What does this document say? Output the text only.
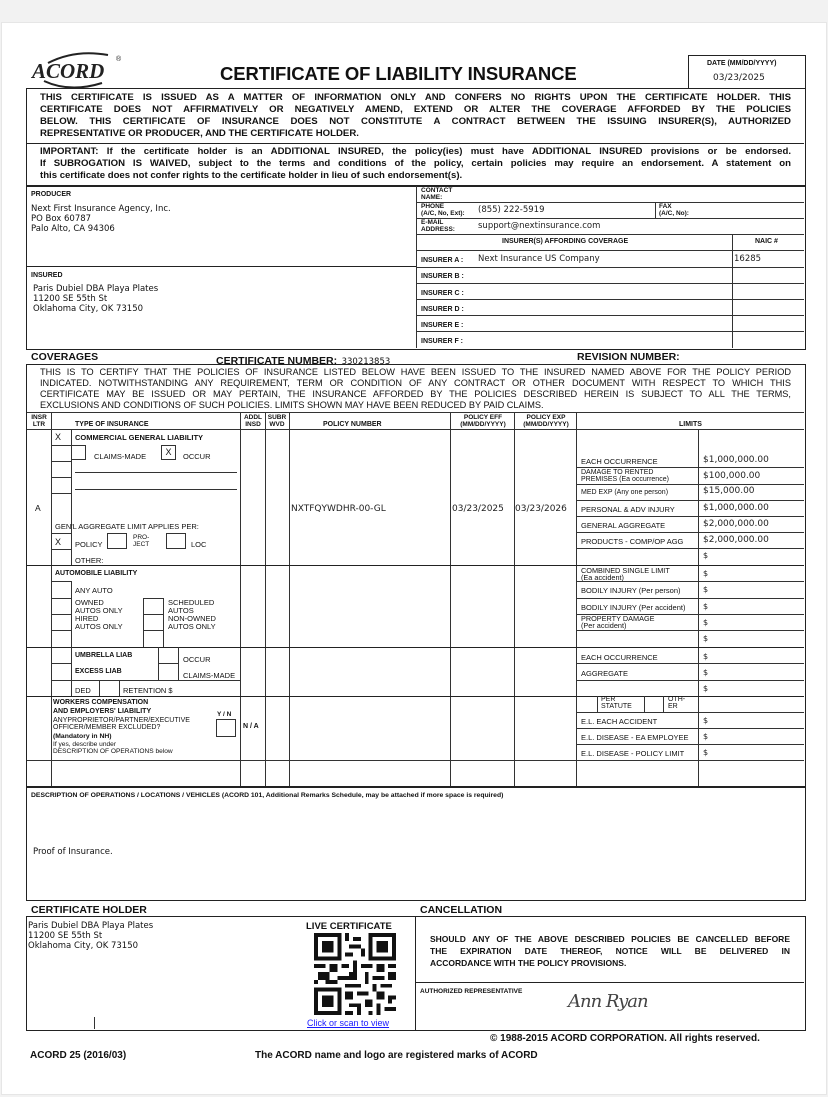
ACORD ®
CERTIFICATE OF LIABILITY INSURANCE	DATE (MM/DD/YYYY)
03/23/2025
THIS CERTIFICATE IS ISSUED AS A MATTER OF INFORMATION ONLY AND CONFERS NO RIGHTS UPON THE CERTIFICATE HOLDER. THIS
CERTIFICATE DOES NOT AFFIRMATIVELY OR NEGATIVELY AMEND, EXTEND OR ALTER THE COVERAGE AFFORDED BY THE POLICIES
BELOW. THIS CERTIFICATE OF INSURANCE DOES NOT CONSTITUTE A CONTRACT BETWEEN THE ISSUING INSURER(S), AUTHORIZED
REPRESENTATIVE OR PRODUCER, AND THE CERTIFICATE HOLDER.
IMPORTANT: If the certificate holder is an ADDITIONAL INSURED, the policy(ies) must have ADDITIONAL INSURED provisions or be endorsed.
If SUBROGATION IS WAIVED, subject to the terms and conditions of the policy, certain policies may require an endorsement. A statement on
this certificate does not confer rights to the certificate holder in lieu of such endorsement(s).
PRODUCER
Next First Insurance Agency, Inc.
PO Box 60787
Palo Alto, CA 94306
INSURED
Paris Dubiel DBA Playa Plates
11200 SE 55th St
Oklahoma City, OK 73150
CONTACT
NAME:
PHONE
(A/C, No, Ext): (855) 222-5919	FAX
(A/C, No):
E-MAIL
ADDRESS:	support@nextinsurance.com
INSURER(S) AFFORDING COVERAGE	NAIC #
INSURER A : Next Insurance US Company	16285
INSURER B :
INSURER C :
INSURER D :
INSURER E :
INSURER F :
COVERAGES	CERTIFICATE NUMBER: 330213853	REVISION NUMBER:
THIS IS TO CERTIFY THAT THE POLICIES OF INSURANCE LISTED BELOW HAVE BEEN ISSUED TO THE INSURED NAMED ABOVE FOR THE POLICY PERIOD
INDICATED. NOTWITHSTANDING ANY REQUIREMENT, TERM OR CONDITION OF ANY CONTRACT OR OTHER DOCUMENT WITH RESPECT TO WHICH THIS
CERTIFICATE MAY BE ISSUED OR MAY PERTAIN, THE INSURANCE AFFORDED BY THE POLICIES DESCRIBED HEREIN IS SUBJECT TO ALL THE TERMS,
EXCLUSIONS AND CONDITIONS OF SUCH POLICIES. LIMITS SHOWN MAY HAVE BEEN REDUCED BY PAID CLAIMS.
INSR
LTR	TYPE OF INSURANCE
ADDL
INSD
SUBR
WVD	POLICY NUMBER
POLICY EFF
(MM/DD/YYYY)
POLICY EXP
(MM/DD/YYYY)	LIMITS
X COMMERCIAL GENERAL LIABILITY
CLAIMS-MADE	X	OCCUR
A
GEN'L AGGREGATE LIMIT APPLIES PER:
X POLICY
PRO-
JECT	LOC
OTHER:
NXTFQYWDHR-00-GL	03/23/2025 03/23/2026
EACH OCCURRENCE	$1,000,000.00
DAMAGE TO RENTED
PREMISES (Ea occurrence)	$100,000.00
MED EXP (Any one person)	$15,000.00
PERSONAL & ADV INJURY	$1,000,000.00
GENERAL AGGREGATE	$2,000,000.00
PRODUCTS - COMP/OP AGG $2,000,000.00
$
AUTOMOBILE LIABILITY
ANY AUTO
OWNED
AUTOS ONLY
HIRED
AUTOS ONLY
SCHEDULED
AUTOS
NON-OWNED
AUTOS ONLY
COMBINED SINGLE LIMIT
(Ea accident)	$
BODILY INJURY (Per person)	$
BODILY INJURY (Per accident) $
PROPERTY DAMAGE
(Per accident)	$
$
UMBRELLA LIAB
EXCESS LIAB
OCCUR
CLAIMS-MADE
DED	RETENTION $
EACH OCCURRENCE	$
AGGREGATE	$
$
WORKERS COMPENSATION
AND EMPLOYERS' LIABILITY	Y / N
ANYPROPRIETOR/PARTNER/EXECUTIVE
OFFICER/MEMBER EXCLUDED?
(Mandatory in NH)
If yes, describe under
DESCRIPTION OF OPERATIONS below
N / A
PER
STATUTE
OTH-
ER
E.L. EACH ACCIDENT	$
E.L. DISEASE - EA EMPLOYEE $
E.L. DISEASE - POLICY LIMIT $
DESCRIPTION OF OPERATIONS / LOCATIONS / VEHICLES (ACORD 101, Additional Remarks Schedule, may be attached if more space is required)
Proof of Insurance.
CERTIFICATE HOLDER	CANCELLATION
Paris Dubiel DBA Playa Plates
11200 SE 55th St
Oklahoma City, OK 73150
LIVE CERTIFICATE
Click or scan to view
SHOULD ANY OF THE ABOVE DESCRIBED POLICIES BE CANCELLED BEFORE
THE EXPIRATION DATE THEREOF, NOTICE WILL BE DELIVERED IN
ACCORDANCE WITH THE POLICY PROVISIONS.
AUTHORIZED REPRESENTATIVE	Ann Ryan
© 1988-2015 ACORD CORPORATION. All rights reserved.
ACORD 25 (2016/03)	The ACORD name and logo are registered marks of ACORD
